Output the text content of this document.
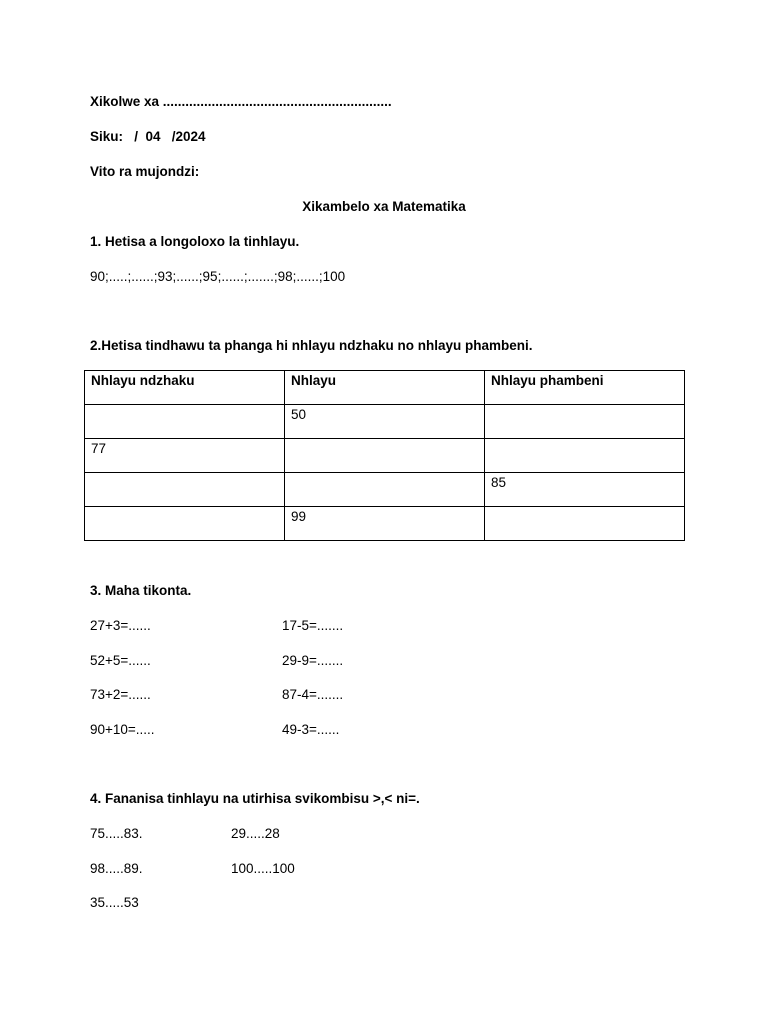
Xikolwe xa .............................................................
Siku:   /  04   /2024
Vito ra mujondzi:
Xikambelo xa Matematika
1. Hetisa a longoloxo la tinhlayu.
90;.....;......;93;......;95;......;.......;98;......;100
2.Hetisa tindhawu ta phanga hi nhlayu ndzhaku no nhlayu phambeni.
Nhlayu ndzhaku	Nhlayu	Nhlayu phambeni
	50	
77		
		85
	99	
3. Maha tikonta.
27+3=......	17-5=.......
52+5=......	29-9=.......
73+2=......	87-4=.......
90+10=.....	49-3=......
4. Fananisa tinhlayu na utirhisa svikombisu >,< ni=.
75.....83.	29.....28
98.....89.	100.....100
35.....53
